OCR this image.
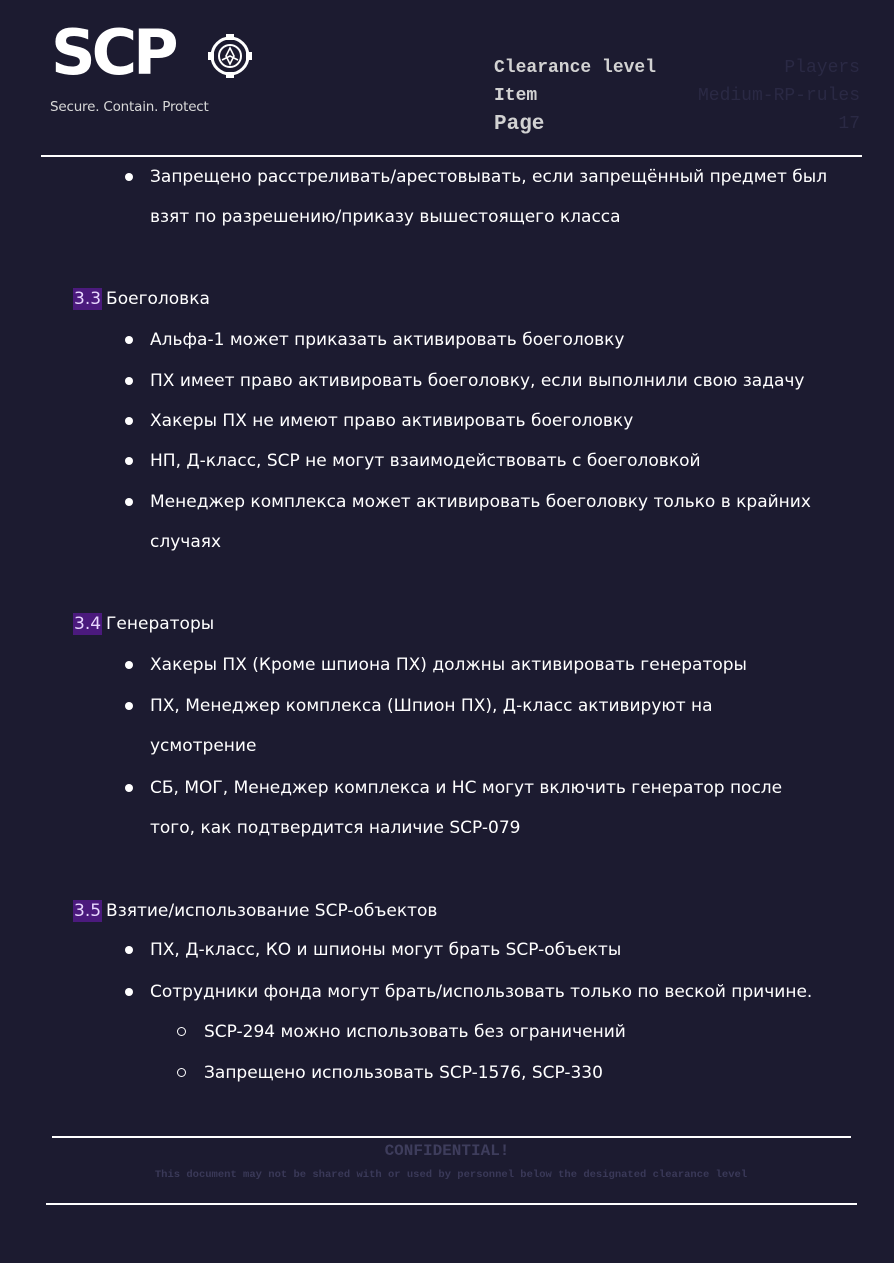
SCP
Secure. Contain. Protect
Clearance level	Players
Item	Medium-RP-rules
Page	17
Запрещено расстреливать/арестовывать, если запрещённый предмет был
взят по разрешению/приказу вышестоящего класса
3.3 Боеголовка
Альфа-1 может приказать активировать боеголовку
ПХ имеет право активировать боеголовку, если выполнили свою задачу
Хакеры ПХ не имеют право активировать боеголовку
НП, Д-класс, SCP не могут взаимодействовать с боеголовкой
Менеджер комплекса может активировать боеголовку только в крайних
случаях
3.4 Генераторы
Хакеры ПХ (Кроме шпиона ПХ) должны активировать генераторы
ПХ, Менеджер комплекса (Шпион ПХ), Д-класс активируют на
усмотрение
СБ, МОГ, Менеджер комплекса и НС могут включить генератор после
того, как подтвердится наличие SCP-079
3.5 Взятие/использование SCP-объектов
ПХ, Д-класс, КО и шпионы могут брать SCP-объекты
Сотрудники фонда могут брать/использовать только по веской причине.
SCP-294 можно использовать без ограничений
Запрещено использовать SCP-1576, SCP-330
CONFIDENTIAL!
This document may not be shared with or used by personnel below the designated clearance level
